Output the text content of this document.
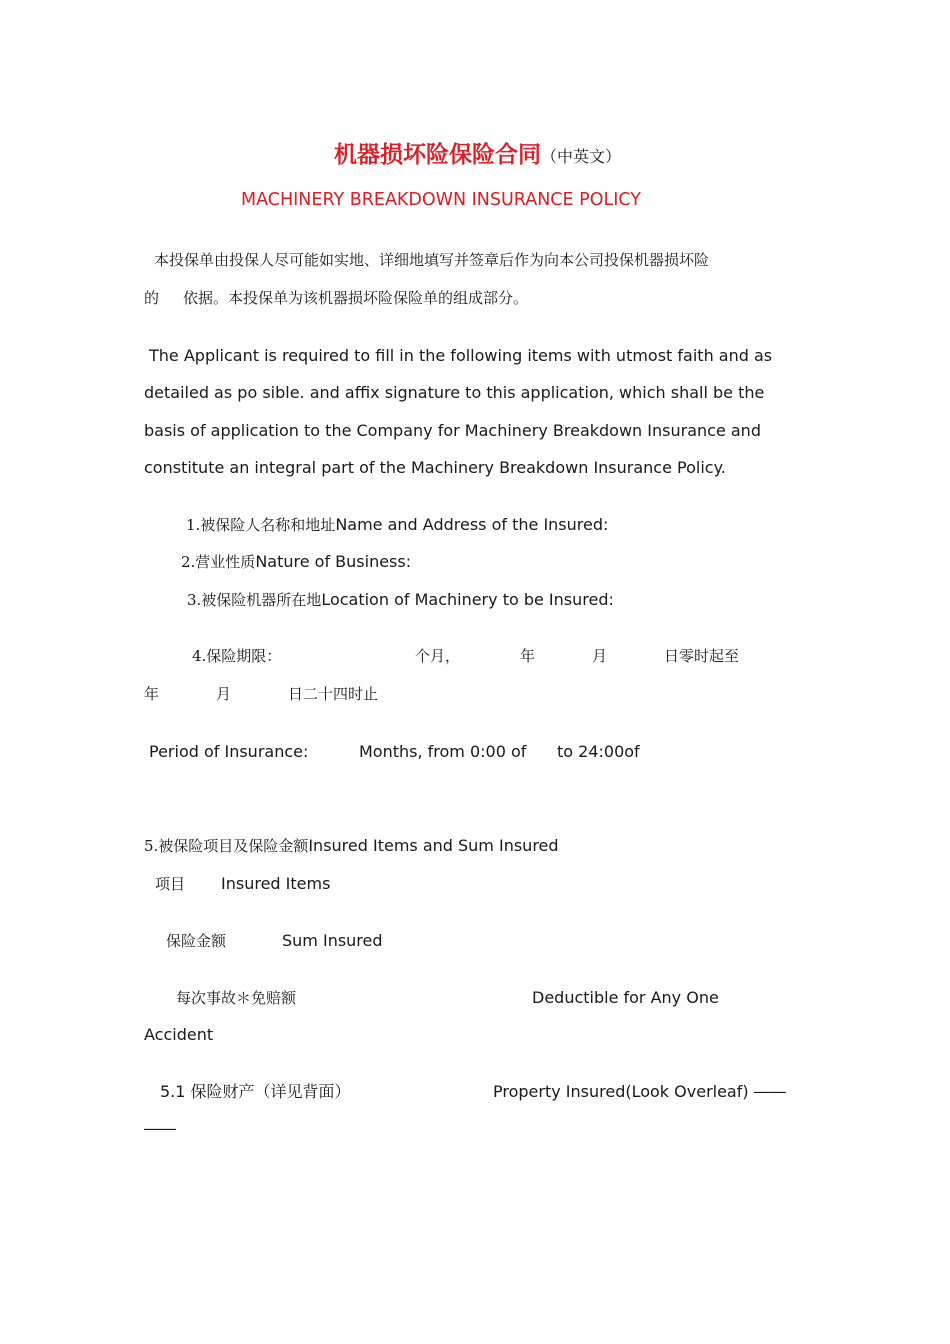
机器损坏险保险合同（中英文）
MACHINERY BREAKDOWN INSURANCE POLICY
本投保单由投保人尽可能如实地、详细地填写并签章后作为向本公司投保机器损坏险
的 依据。本投保单为该机器损坏险保险单的组成部分。
The Applicant is required to fill in the following items with utmost faith and as
detailed as po sible. and affix signature to this application, which shall be the
basis of application to the Company for Machinery Breakdown Insurance and
constitute an integral part of the Machinery Breakdown Insurance Policy.
1.被保险人名称和地址Name and Address of the Insured:
2.营业性质Nature of Business:
3.被保险机器所在地Location of Machinery to be Insured:
4.保险期限：	个月，	年	月	日零时起至
年	月	日二十四时止
Period of Insurance:	Months, from 0:00 of to 24:00of
5.被保险项目及保险金额Insured Items and Sum Insured
项目 Insured Items
保险金额	Sum Insured
每次事故＊免赔额	Deductible for Any One
Accident
5.1 保险财产（详见背面）	Property Insured(Look Overleaf) ――
――
